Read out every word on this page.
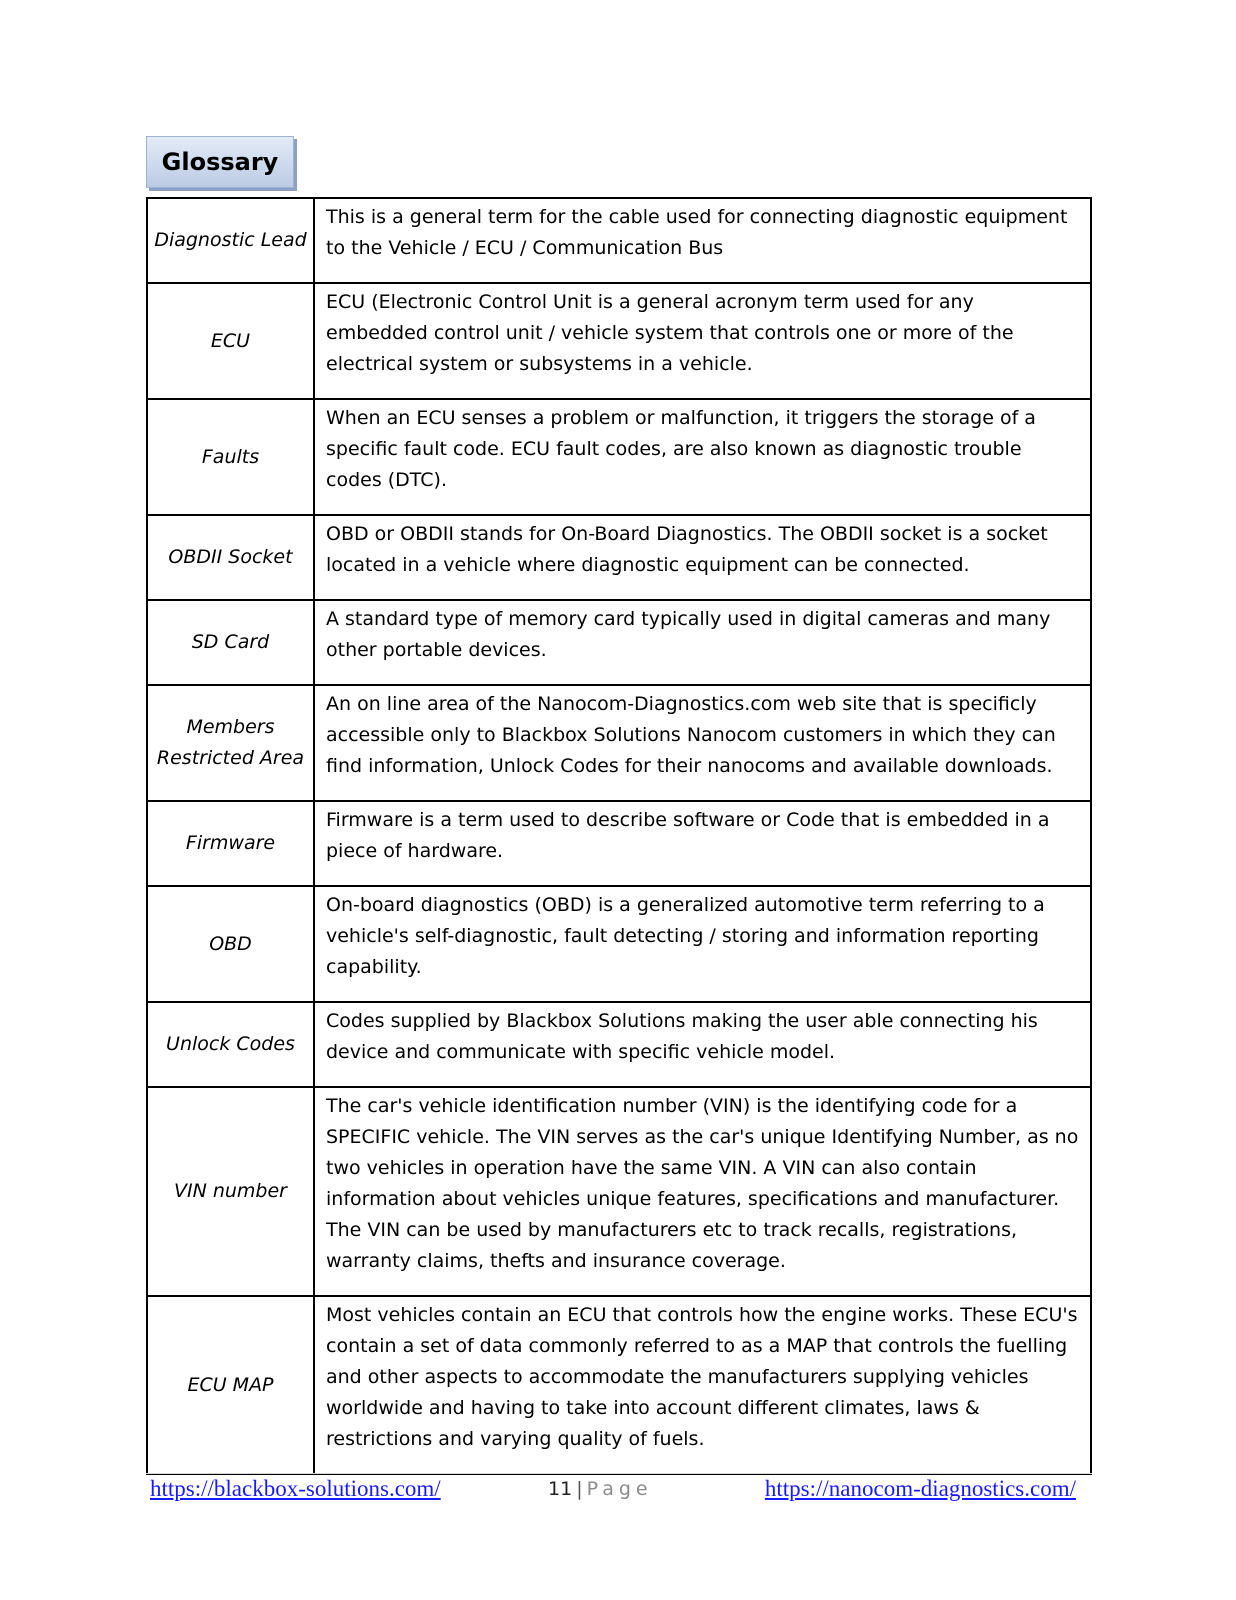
Glossary
Diagnostic Lead	This is a general term for the cable used for connecting diagnostic equipment to the Vehicle / ECU / Communication Bus
ECU	ECU (Electronic Control Unit is a general acronym term used for any embedded control unit / vehicle system that controls one or more of the electrical system or subsystems in a vehicle.
Faults	When an ECU senses a problem or malfunction, it triggers the storage of a specific fault code. ECU fault codes, are also known as diagnostic trouble codes (DTC).
OBDII Socket	OBD or OBDII stands for On-Board Diagnostics. The OBDII socket is a socket located in a vehicle where diagnostic equipment can be connected.
SD Card	A standard type of memory card typically used in digital cameras and many other portable devices.
Members Restricted Area	An on line area of the Nanocom-Diagnostics.com web site that is specificly accessible only to Blackbox Solutions Nanocom customers in which they can find information, Unlock Codes for their nanocoms and available downloads.
Firmware	Firmware is a term used to describe software or Code that is embedded in a piece of hardware.
OBD	On-board diagnostics (OBD) is a generalized automotive term referring to a vehicle's self-diagnostic, fault detecting / storing and information reporting capability.
Unlock Codes	Codes supplied by Blackbox Solutions making the user able connecting his device and communicate with specific vehicle model.
VIN number	The car's vehicle identification number (VIN) is the identifying code for a SPECIFIC vehicle. The VIN serves as the car's unique Identifying Number, as no two vehicles in operation have the same VIN. A VIN can also contain information about vehicles unique features, specifications and manufacturer. The VIN can be used by manufacturers etc to track recalls, registrations, warranty claims, thefts and insurance coverage.
ECU MAP	Most vehicles contain an ECU that controls how the engine works. These ECU's contain a set of data commonly referred to as a MAP that controls the fuelling and other aspects to accommodate the manufacturers supplying vehicles worldwide and having to take into account different climates, laws & restrictions and varying quality of fuels.
https://blackbox-solutions.com/	11 | Page	https://nanocom-diagnostics.com/
